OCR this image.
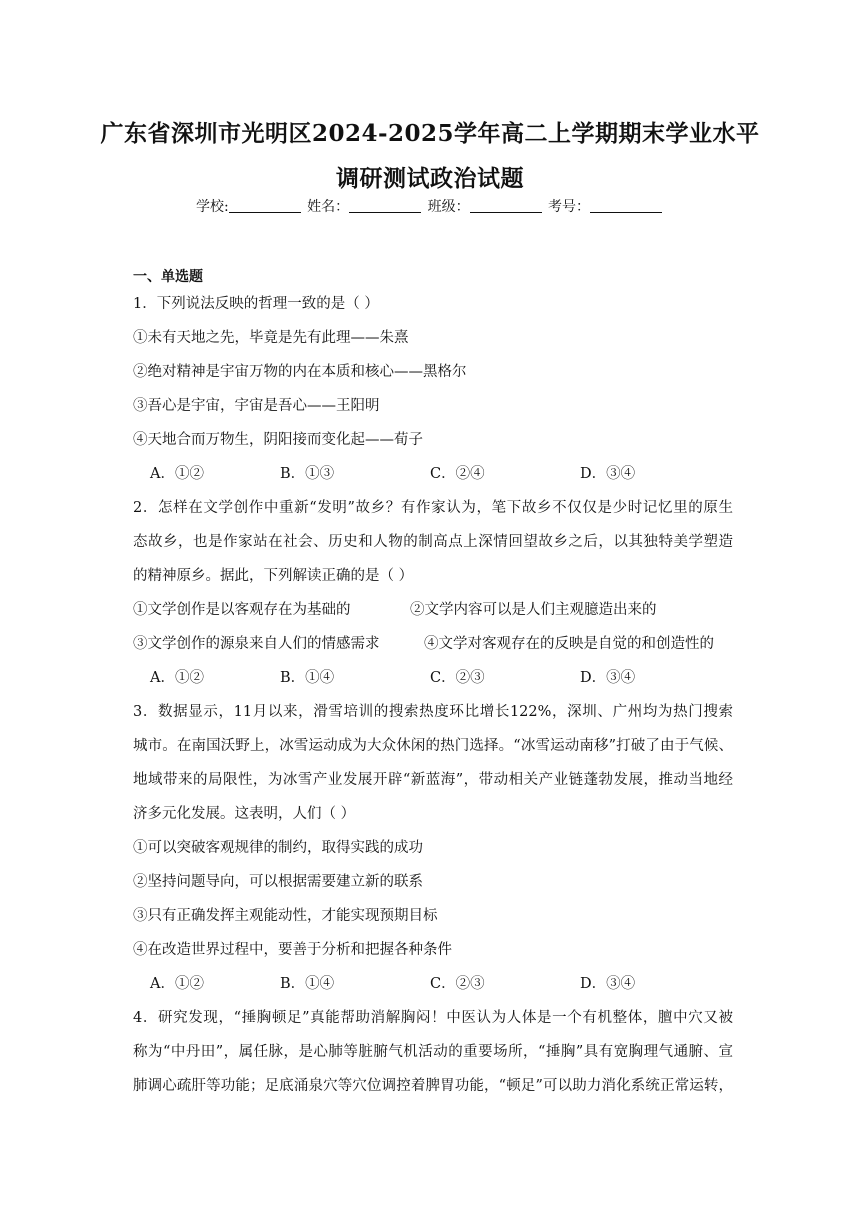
广东省深圳市光明区2024-2025学年高二上学期期末学业水平
调研测试政治试题
学校:	姓名：	班级：	考号：
一、单选题
1．下列说法反映的哲理一致的是（ ）
①未有天地之先，毕竟是先有此理——朱熹
②绝对精神是宇宙万物的内在本质和核心——黑格尔
③吾心是宇宙，宇宙是吾心——王阳明
④天地合而万物生，阴阳接而变化起——荀子
A．①②	B．①③	C．②④	D．③④
2．怎样在文学创作中重新“发明”故乡？有作家认为，笔下故乡不仅仅是少时记忆里的原生
态故乡，也是作家站在社会、历史和人物的制高点上深情回望故乡之后，以其独特美学塑造
的精神原乡。据此，下列解读正确的是（ ）
①文学创作是以客观存在为基础的	②文学内容可以是人们主观臆造出来的
③文学创作的源泉来自人们的情感需求	④文学对客观存在的反映是自觉的和创造性的
A．①②	B．①④	C．②③	D．③④
3．数据显示，11月以来，滑雪培训的搜索热度环比增长122%，深圳、广州均为热门搜索
城市。在南国沃野上，冰雪运动成为大众休闲的热门选择。“冰雪运动南移”打破了由于气候、
地域带来的局限性，为冰雪产业发展开辟“新蓝海”，带动相关产业链蓬勃发展，推动当地经
济多元化发展。这表明，人们（ ）
①可以突破客观规律的制约，取得实践的成功
②坚持问题导向，可以根据需要建立新的联系
③只有正确发挥主观能动性，才能实现预期目标
④在改造世界过程中，要善于分析和把握各种条件
A．①②	B．①④	C．②③	D．③④
4．研究发现，“捶胸顿足”真能帮助消解胸闷！中医认为人体是一个有机整体，膻中穴又被
称为“中丹田”，属任脉，是心肺等脏腑气机活动的重要场所，“捶胸”具有宽胸理气通腑、宣
肺调心疏肝等功能；足底涌泉穴等穴位调控着脾胃功能，“顿足”可以助力消化系统正常运转，
